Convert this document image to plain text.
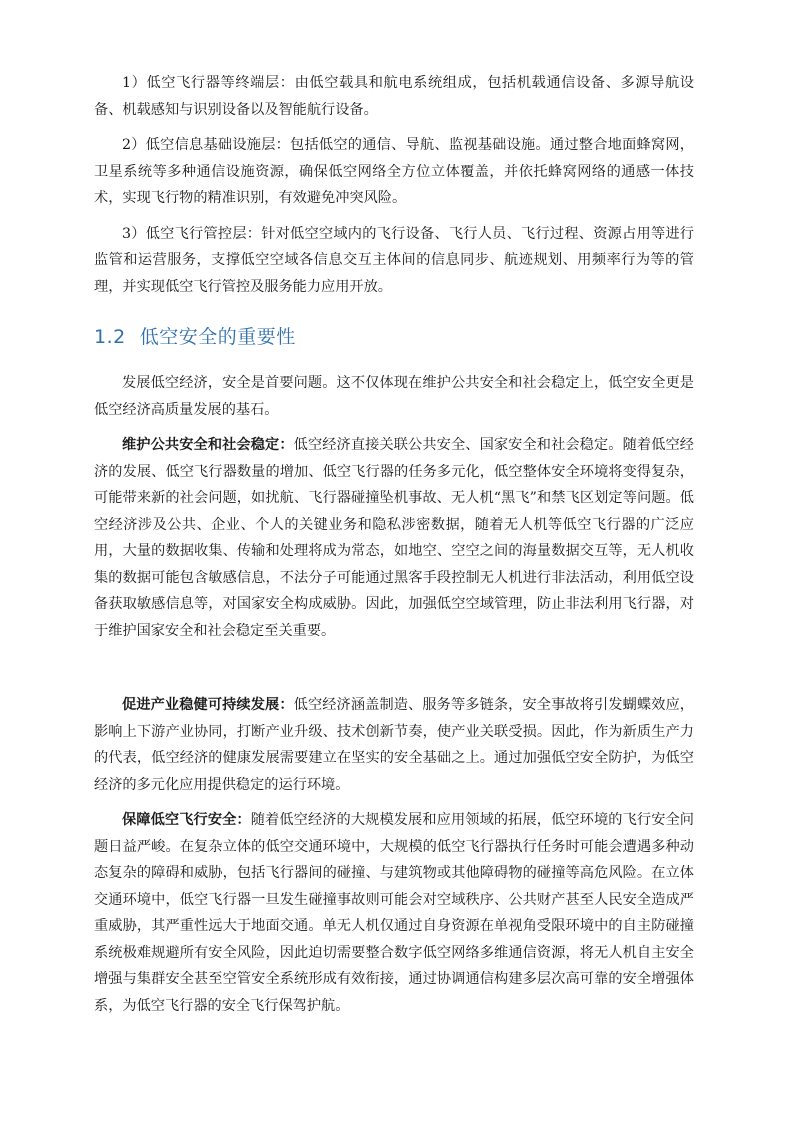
1）低空飞行器等终端层：由低空载具和航电系统组成，包括机载通信设备、多源导航设备、机载感知与识别设备以及智能航行设备。

2）低空信息基础设施层：包括低空的通信、导航、监视基础设施。通过整合地面蜂窝网，卫星系统等多种通信设施资源，确保低空网络全方位立体覆盖，并依托蜂窝网络的通感一体技术，实现飞行物的精准识别，有效避免冲突风险。

3）低空飞行管控层：针对低空空域内的飞行设备、飞行人员、飞行过程、资源占用等进行监管和运营服务，支撑低空空域各信息交互主体间的信息同步、航迹规划、用频率行为等的管理，并实现低空飞行管控及服务能力应用开放。

1.2 低空安全的重要性

发展低空经济，安全是首要问题。这不仅体现在维护公共安全和社会稳定上，低空安全更是低空经济高质量发展的基石。

维护公共安全和社会稳定：低空经济直接关联公共安全、国家安全和社会稳定。随着低空经济的发展、低空飞行器数量的增加、低空飞行器的任务多元化，低空整体安全环境将变得复杂，可能带来新的社会问题，如扰航、飞行器碰撞坠机事故、无人机“黑飞”和禁飞区划定等问题。低空经济涉及公共、企业、个人的关键业务和隐私涉密数据，随着无人机等低空飞行器的广泛应用，大量的数据收集、传输和处理将成为常态，如地空、空空之间的海量数据交互等，无人机收集的数据可能包含敏感信息，不法分子可能通过黑客手段控制无人机进行非法活动，利用低空设备获取敏感信息等，对国家安全构成威胁。因此，加强低空空域管理，防止非法利用飞行器，对于维护国家安全和社会稳定至关重要。

促进产业稳健可持续发展：低空经济涵盖制造、服务等多链条，安全事故将引发蝴蝶效应，影响上下游产业协同，打断产业升级、技术创新节奏，使产业关联受损。因此，作为新质生产力的代表，低空经济的健康发展需要建立在坚实的安全基础之上。通过加强低空安全防护，为低空经济的多元化应用提供稳定的运行环境。

保障低空飞行安全：随着低空经济的大规模发展和应用领域的拓展，低空环境的飞行安全问题日益严峻。在复杂立体的低空交通环境中，大规模的低空飞行器执行任务时可能会遭遇多种动态复杂的障碍和威胁，包括飞行器间的碰撞、与建筑物或其他障碍物的碰撞等高危风险。在立体交通环境中，低空飞行器一旦发生碰撞事故则可能会对空域秩序、公共财产甚至人民安全造成严重威胁，其严重性远大于地面交通。单无人机仅通过自身资源在单视角受限环境中的自主防碰撞系统极难规避所有安全风险，因此迫切需要整合数字低空网络多维通信资源，将无人机自主安全增强与集群安全甚至空管安全系统形成有效衔接，通过协调通信构建多层次高可靠的安全增强体系，为低空飞行器的安全飞行保驾护航。
